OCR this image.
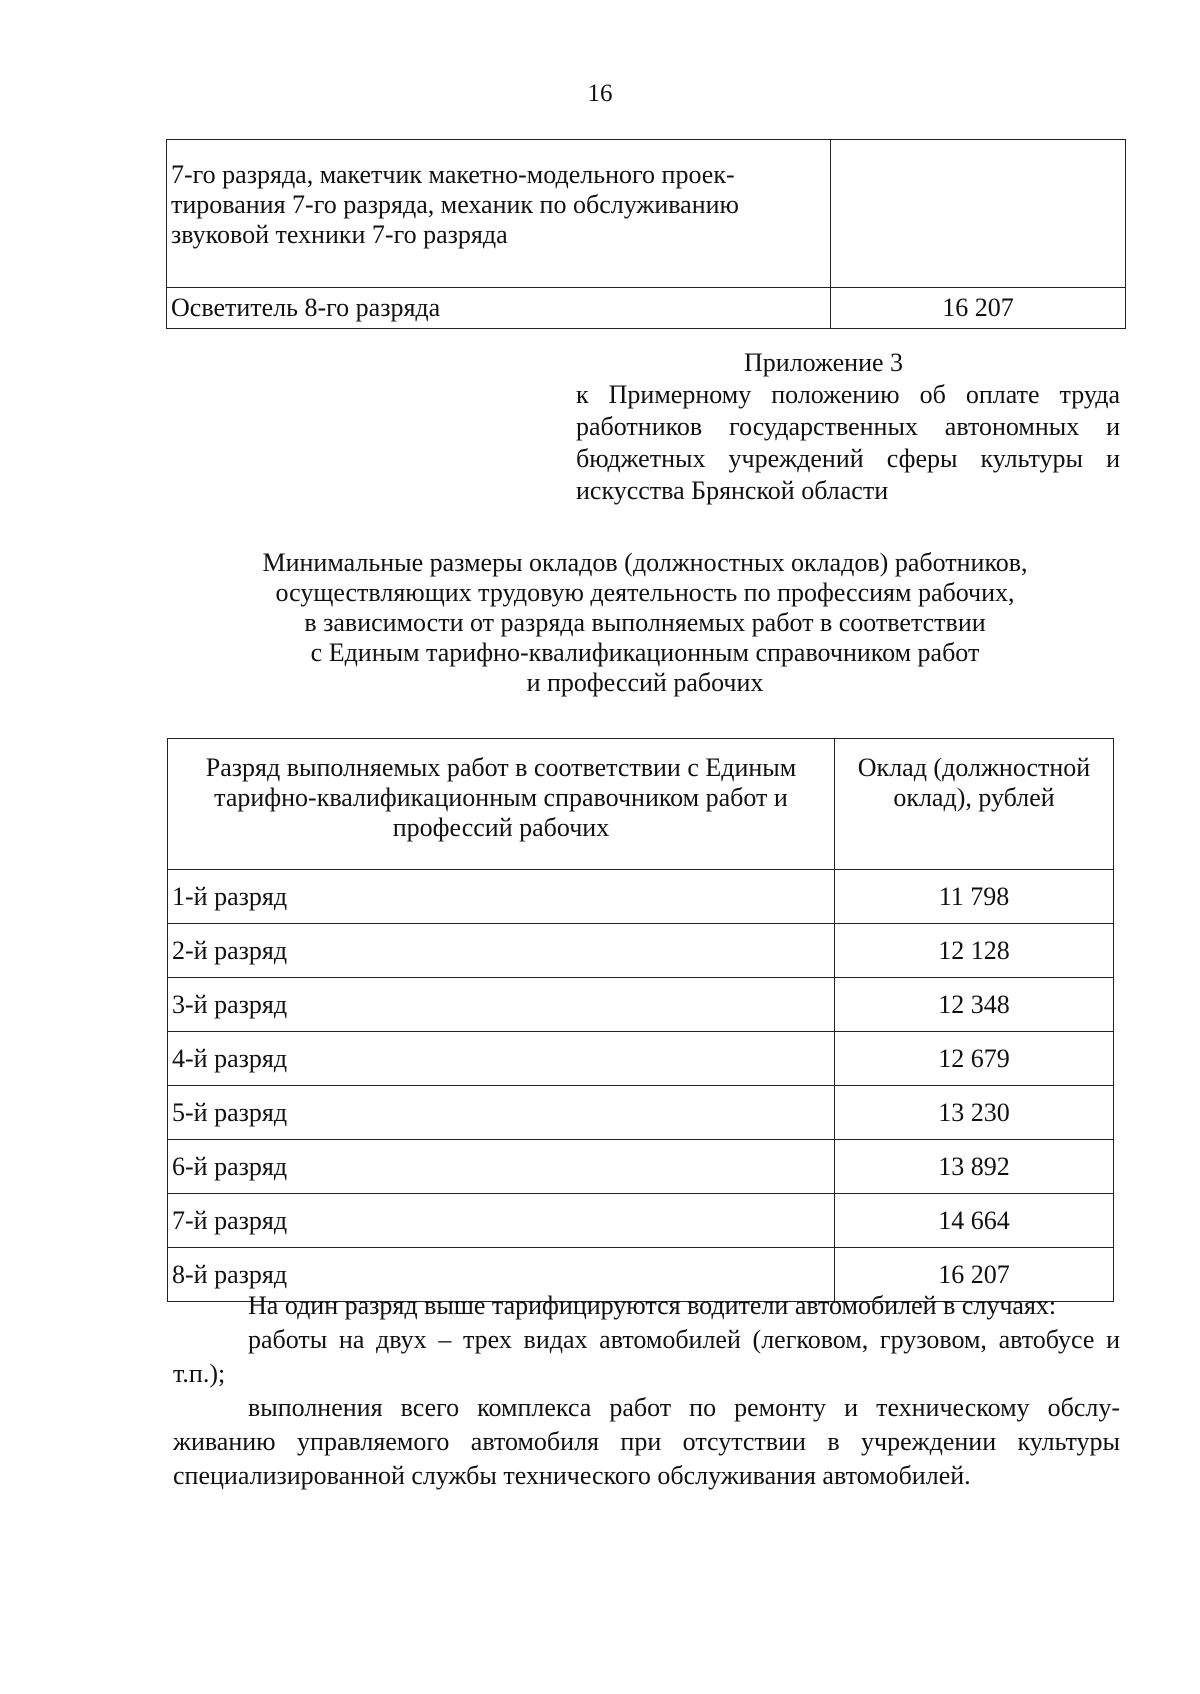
16
7-го разряда, макетчик макетно-модельного проек-тирования 7-го разряда, механик по обслуживанию звуковой техники 7-го разряда	
Осветитель 8-го разряда	16 207
Приложение 3
к Примерному положению об оплате труда работников государственных автономных и бюджетных учреждений сферы культуры и искусства Брянской области
Минимальные размеры окладов (должностных окладов) работников,
осуществляющих трудовую деятельность по профессиям рабочих,
в зависимости от разряда выполняемых работ в соответствии
с Единым тарифно-квалификационным справочником работ
и профессий рабочих
Разряд выполняемых работ в соответствии с Единым тарифно-квалификационным справочником работ и профессий рабочих	Оклад (должностной оклад), рублей
1-й разряд	11 798
2-й разряд	12 128
3-й разряд	12 348
4-й разряд	12 679
5-й разряд	13 230
6-й разряд	13 892
7-й разряд	14 664
8-й разряд	16 207

На один разряд выше тарифицируются водители автомобилей в случаях:

работы на двух – трех видах автомобилей (легковом, грузовом, автобусе и т.п.);

выполнения всего комплекса работ по ремонту и техническому обслу-живанию управляемого автомобиля при отсутствии в учреждении культуры специализированной службы технического обслуживания автомобилей.
